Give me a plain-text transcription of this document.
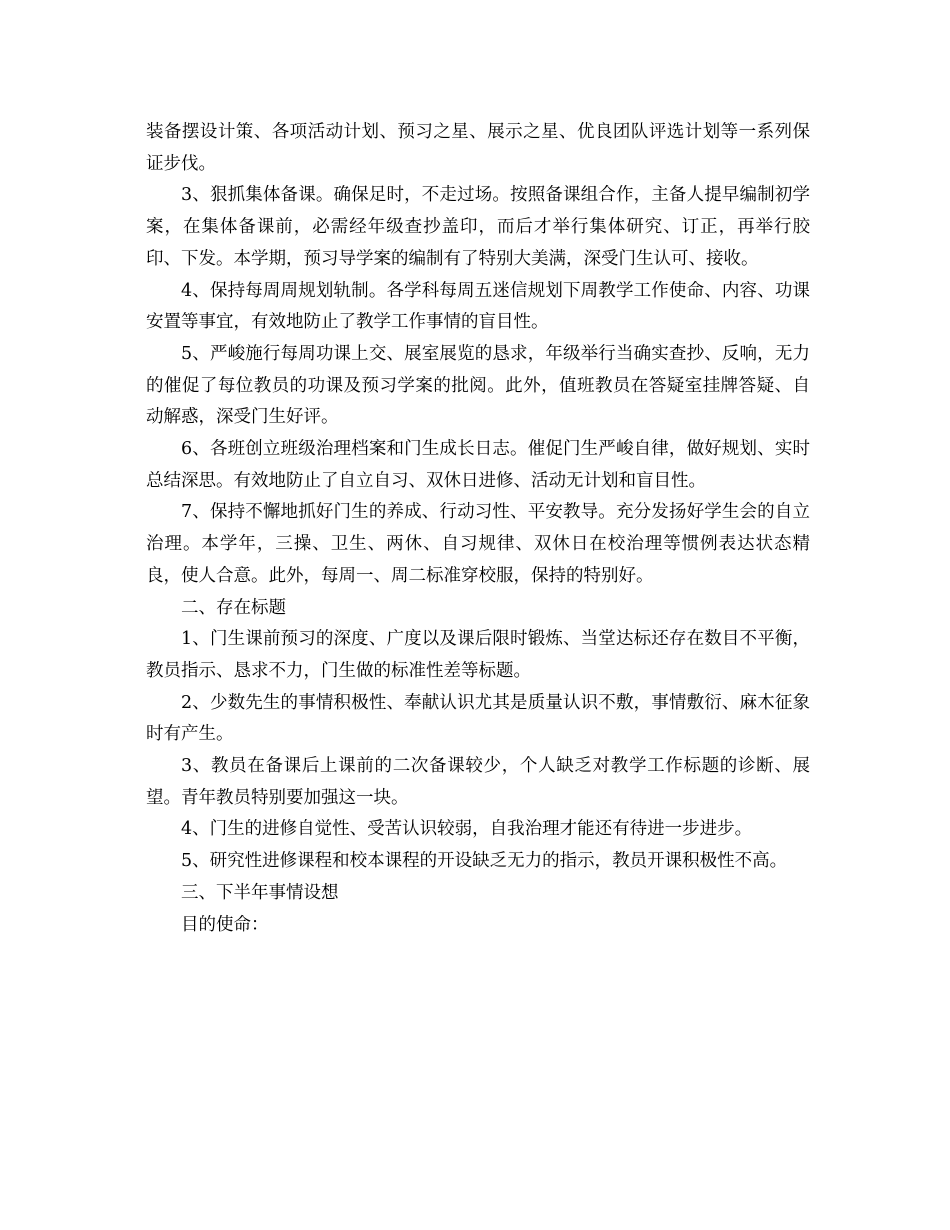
装备摆设计策、各项活动计划、预习之星、展示之星、优良团队评选计划等一系列保证步伐。

3、狠抓集体备课。确保足时，不走过场。按照备课组合作，主备人提早编制初学案，在集体备课前，必需经年级查抄盖印，而后才举行集体研究、订正，再举行胶印、下发。本学期，预习导学案的编制有了特别大美满，深受门生认可、接收。

4、保持每周周规划轨制。各学科每周五迷信规划下周教学工作使命、内容、功课安置等事宜，有效地防止了教学工作事情的盲目性。

5、严峻施行每周功课上交、展室展览的恳求，年级举行当确实查抄、反响，无力的催促了每位教员的功课及预习学案的批阅。此外，值班教员在答疑室挂牌答疑、自动解惑，深受门生好评。

6、各班创立班级治理档案和门生成长日志。催促门生严峻自律，做好规划、实时总结深思。有效地防止了自立自习、双休日进修、活动无计划和盲目性。

7、保持不懈地抓好门生的养成、行动习性、平安教导。充分发扬好学生会的自立治理。本学年，三操、卫生、两休、自习规律、双休日在校治理等惯例表达状态精良，使人合意。此外，每周一、周二标准穿校服，保持的特别好。

二、存在标题

1、门生课前预习的深度、广度以及课后限时锻炼、当堂达标还存在数目不平衡，教员指示、恳求不力，门生做的标准性差等标题。

2、少数先生的事情积极性、奉献认识尤其是质量认识不敷，事情敷衍、麻木征象时有产生。

3、教员在备课后上课前的二次备课较少，个人缺乏对教学工作标题的诊断、展望。青年教员特别要加强这一块。

4、门生的进修自觉性、受苦认识较弱，自我治理才能还有待进一步进步。

5、研究性进修课程和校本课程的开设缺乏无力的指示，教员开课积极性不高。

三、下半年事情设想

目的使命：
